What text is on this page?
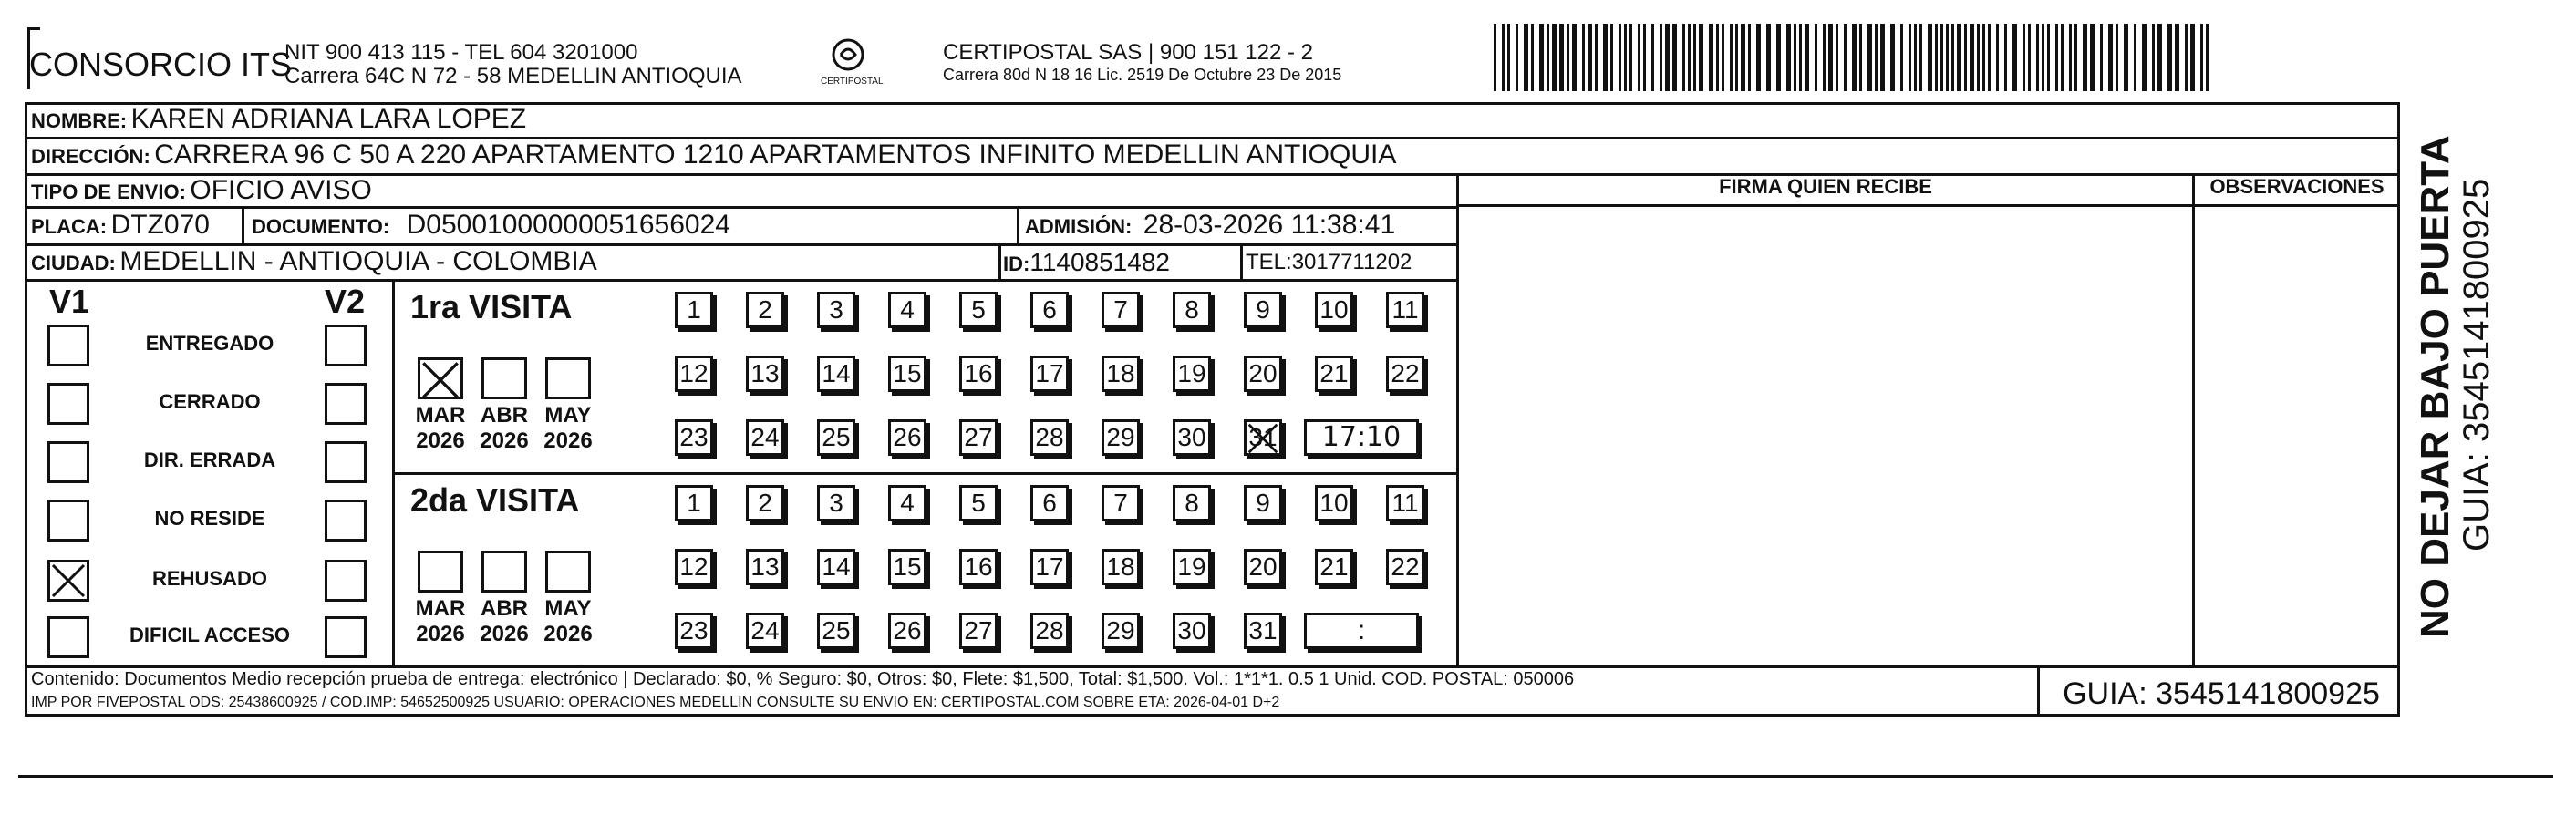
CONSORCIO ITS
NIT 900 413 115 - TEL 604 3201000
Carrera 64C N 72 - 58 MEDELLIN ANTIOQUIA	CERTIPOSTAL
CERTIPOSTAL SAS | 900 151 122 - 2
Carrera 80d N 18 16 Lic. 2519 De Octubre 23 De 2015
NOMBRE: KAREN ADRIANA LARA LOPEZ
DIRECCIÓN: CARRERA 96 C 50 A 220 APARTAMENTO 1210 APARTAMENTOS INFINITO MEDELLIN ANTIOQUIA
TIPO DE ENVIO: OFICIO AVISO	FIRMA QUIEN RECIBE	OBSERVACIONES
PLACA: DTZ070 DOCUMENTO: D05001000000051656024	ADMISIÓN: 28-03-2026 11:38:41
CIUDAD: MEDELLIN - ANTIOQUIA - COLOMBIA	ID:1140851482	TEL:3017711202
V1	V2
ENTREGADO
CERRADO
DIR. ERRADA
NO RESIDE
REHUSADO
DIFICIL ACCESO
1ra VISITA
MAR
2026
ABR
2026
MAY
2026
1	2	3	4	5	6	7	8	9	10 11
12 13 14 15 16 17 18 19 20 21 22
23 24 25 26 27 28 29 30 31	17:10
2da VISITA
MAR
2026
ABR
2026
MAY
2026
1	2	3	4	5	6	7	8	9	10 11
12 13 14 15 16 17 18 19 20 21 22
23 24 25 26 27 28 29 30 31	:
Contenido: Documentos Medio recepción prueba de entrega: electrónico | Declarado: $0, % Seguro: $0, Otros: $0, Flete: $1,500, Total: $1,500. Vol.: 1*1*1. 0.5 1 Unid. COD. POSTAL: 050006
IMP POR FIVEPOSTAL ODS: 25438600925 / COD.IMP: 54652500925 USUARIO: OPERACIONES MEDELLIN CONSULTE SU ENVIO EN: CERTIPOSTAL.COM SOBRE ETA: 2026-04-01 D+2	GUIA: 3545141800925
NO DEJAR BAJO PUERTA GUIA: 3545141800925
